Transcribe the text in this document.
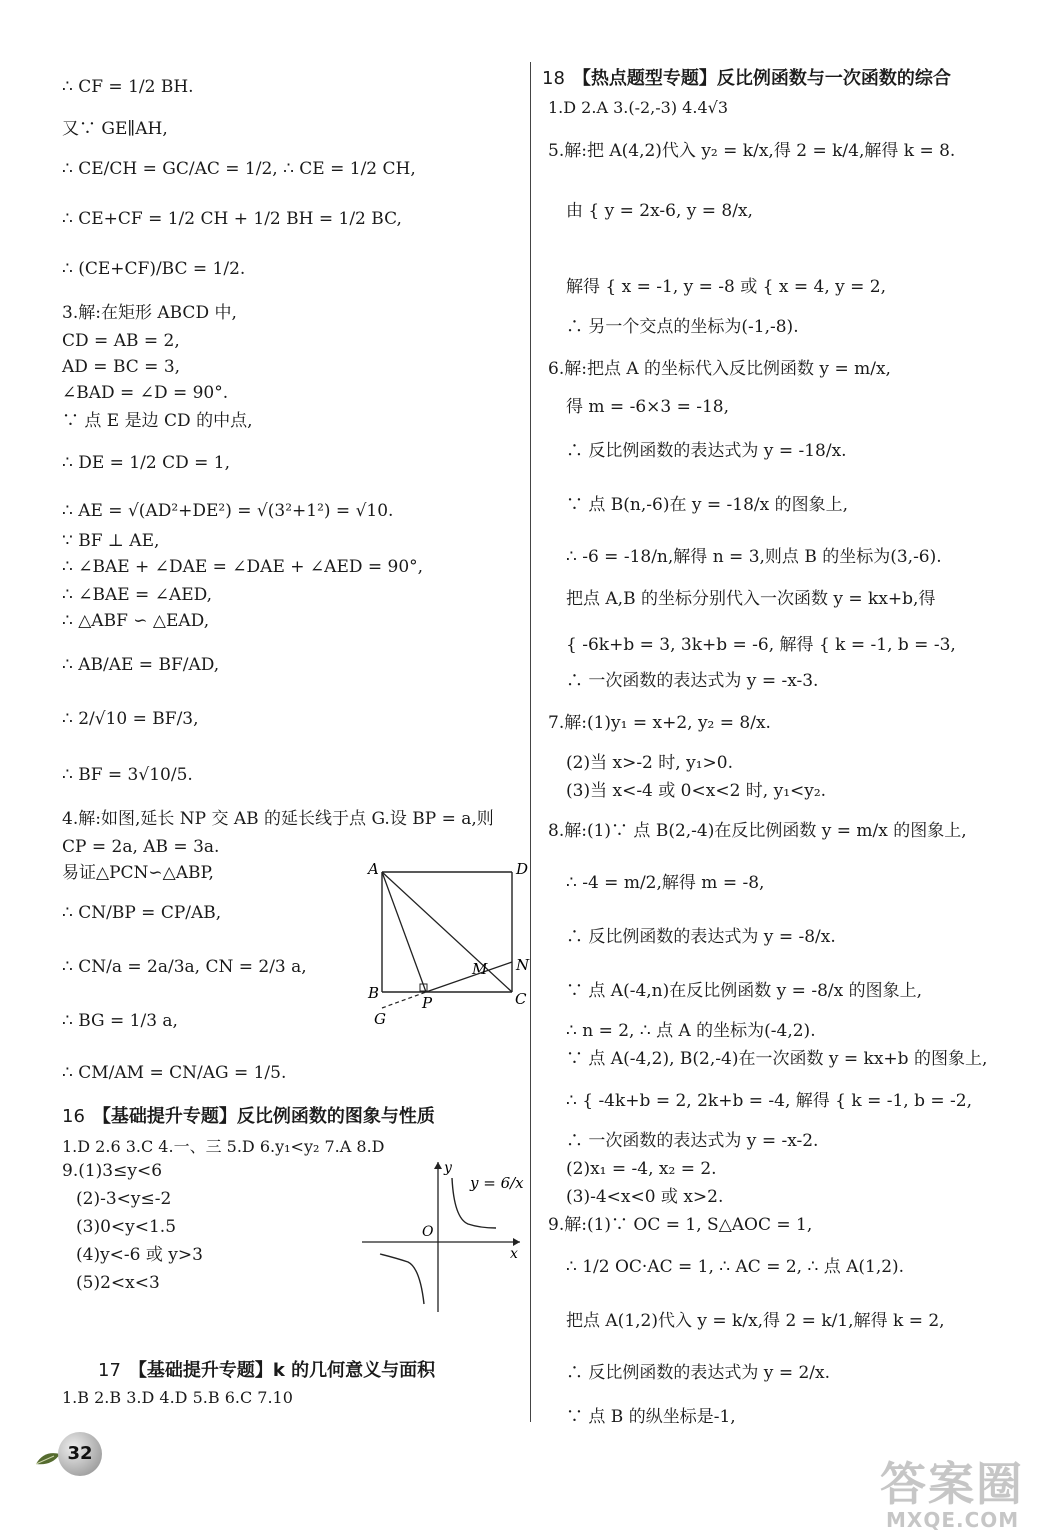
∴ CF = 1/2 BH.
又∵ GE∥AH,
∴ CE/CH = GC/AC = 1/2, ∴ CE = 1/2 CH,
∴ CE+CF = 1/2 CH + 1/2 BH = 1/2 BC,
∴ (CE+CF)/BC = 1/2.
3.解:在矩形 ABCD 中,
CD = AB = 2,
AD = BC = 3,
∠BAD = ∠D = 90°.
∵ 点 E 是边 CD 的中点,
∴ DE = 1/2 CD = 1,
∴ AE = √(AD²+DE²) = √(3²+1²) = √10.
∵ BF ⊥ AE,
∴ ∠BAE + ∠DAE = ∠DAE + ∠AED = 90°,
∴ ∠BAE = ∠AED,
∴ △ABF ∽ △EAD,
∴ AB/AE = BF/AD,
∴ 2/√10 = BF/3,
∴ BF = 3√10/5.
4.解:如图,延长 NP 交 AB 的延长线于点 G.设 BP = a,则
CP = 2a, AB = 3a.
易证△PCN∽△ABP,
∴ CN/BP = CP/AB,
∴ CN/a = 2a/3a, CN = 2/3 a,
∴ BG = 1/3 a,
∴ CM/AM = CN/AG = 1/5.
A	D
B	C
M N
P
G
16 【基础提升专题】反比例函数的图象与性质
1.D 2.6 3.C 4.一、三 5.D 6.y₁<y₂ 7.A 8.D
9.(1)3≤y<6
(2)-3<y≤-2
(3)0<y<1.5
(4)y<-6 或 y>3
(5)2<x<3
y
x
O
y = 6/x
17 【基础提升专题】k 的几何意义与面积
1.B 2.B 3.D 4.D 5.B 6.C 7.10
18 【热点题型专题】反比例函数与一次函数的综合
1.D 2.A 3.(-2,-3) 4.4√3
5.解:把 A(4,2)代入 y₂ = k/x,得 2 = k/4,解得 k = 8.
由 { y = 2x-6, y = 8/x,
解得 { x = -1, y = -8 或 { x = 4, y = 2,
∴ 另一个交点的坐标为(-1,-8).
6.解:把点 A 的坐标代入反比例函数 y = m/x,
得 m = -6×3 = -18,
∴ 反比例函数的表达式为 y = -18/x.
∵ 点 B(n,-6)在 y = -18/x 的图象上,
∴ -6 = -18/n,解得 n = 3,则点 B 的坐标为(3,-6).
把点 A,B 的坐标分别代入一次函数 y = kx+b,得
{ -6k+b = 3, 3k+b = -6, 解得 { k = -1, b = -3,
∴ 一次函数的表达式为 y = -x-3.
7.解:(1)y₁ = x+2, y₂ = 8/x.
(2)当 x>-2 时, y₁>0.
(3)当 x<-4 或 0<x<2 时, y₁<y₂.
8.解:(1)∵ 点 B(2,-4)在反比例函数 y = m/x 的图象上,
∴ -4 = m/2,解得 m = -8,
∴ 反比例函数的表达式为 y = -8/x.
∵ 点 A(-4,n)在反比例函数 y = -8/x 的图象上,
∴ n = 2, ∴ 点 A 的坐标为(-4,2).
∵ 点 A(-4,2), B(2,-4)在一次函数 y = kx+b 的图象上,
∴ { -4k+b = 2, 2k+b = -4, 解得 { k = -1, b = -2,
∴ 一次函数的表达式为 y = -x-2.
(2)x₁ = -4, x₂ = 2.
(3)-4<x<0 或 x>2.
9.解:(1)∵ OC = 1, S△AOC = 1,
∴ 1/2 OC·AC = 1, ∴ AC = 2, ∴ 点 A(1,2).
把点 A(1,2)代入 y = k/x,得 2 = k/1,解得 k = 2,
∴ 反比例函数的表达式为 y = 2/x.
∵ 点 B 的纵坐标是-1,
32
答案圈
MXQE.COM
